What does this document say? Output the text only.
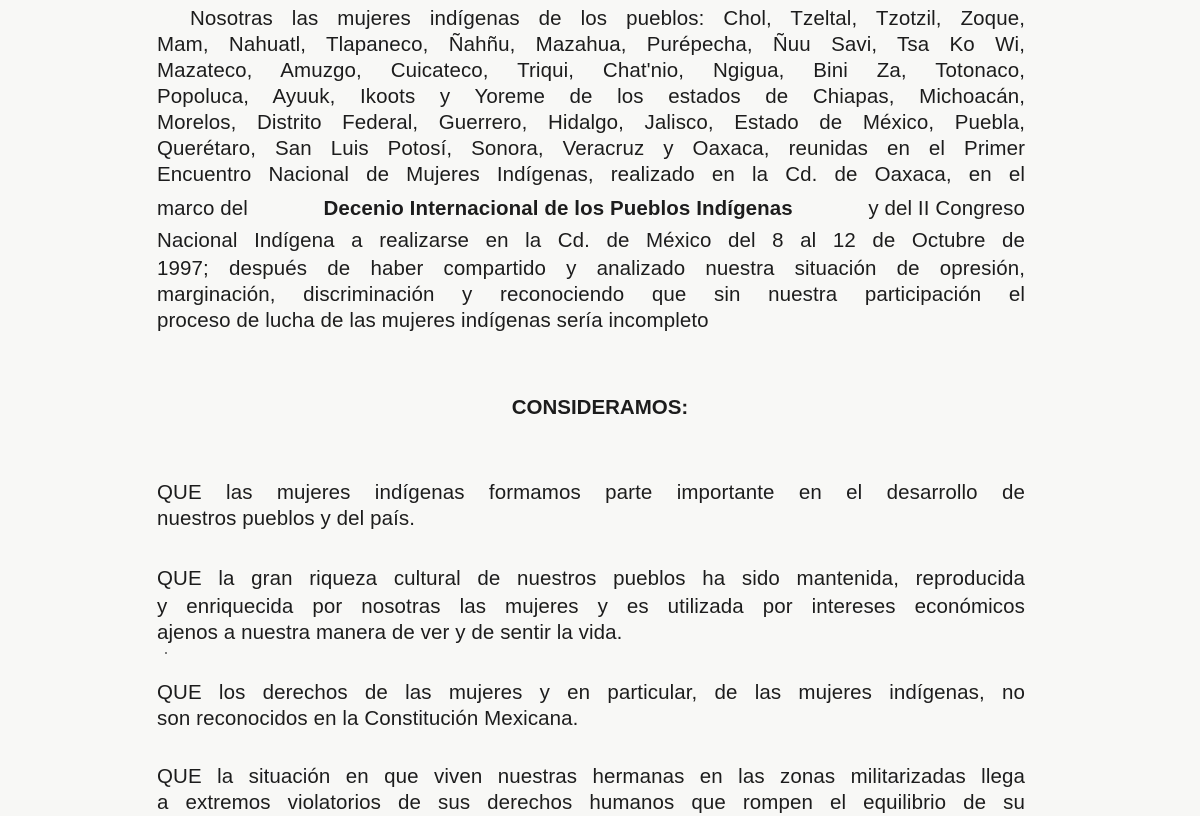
Nosotras las mujeres indígenas de los pueblos: Chol, Tzeltal, Tzotzil, Zoque,
Mam, Nahuatl, Tlapaneco, Ñahñu, Mazahua, Purépecha, Ñuu Savi, Tsa Ko Wi,
Mazateco, Amuzgo, Cuicateco, Triqui, Chat'nio, Ngigua, Bini Za, Totonaco,
Popoluca, Ayuuk, Ikoots y Yoreme de los estados de Chiapas, Michoacán,
Morelos, Distrito Federal, Guerrero, Hidalgo, Jalisco, Estado de México, Puebla,
Querétaro, San Luis Potosí, Sonora, Veracruz y Oaxaca, reunidas en el Primer
Encuentro Nacional de Mujeres Indígenas, realizado en la Cd. de Oaxaca, en el
marco del	Decenio Internacional de los Pueblos Indígenas	y del II Congreso
Nacional Indígena a realizarse en la Cd. de México del 8 al 12 de Octubre de
1997; después de haber compartido y analizado nuestra situación de opresión,
marginación, discriminación y reconociendo que sin nuestra participación el
proceso de lucha de las mujeres indígenas sería incompleto
CONSIDERAMOS:
QUE las mujeres indígenas formamos parte importante en el desarrollo de
nuestros pueblos y del país.
QUE la gran riqueza cultural de nuestros pueblos ha sido mantenida, reproducida
y enriquecida por nosotras las mujeres y es utilizada por intereses económicos
ajenos a nuestra manera de ver y de sentir la vida.
QUE los derechos de las mujeres y en particular, de las mujeres indígenas, no
son reconocidos en la Constitución Mexicana.
QUE la situación en que viven nuestras hermanas en las zonas militarizadas llega
a extremos violatorios de sus derechos humanos que rompen el equilibrio de su
